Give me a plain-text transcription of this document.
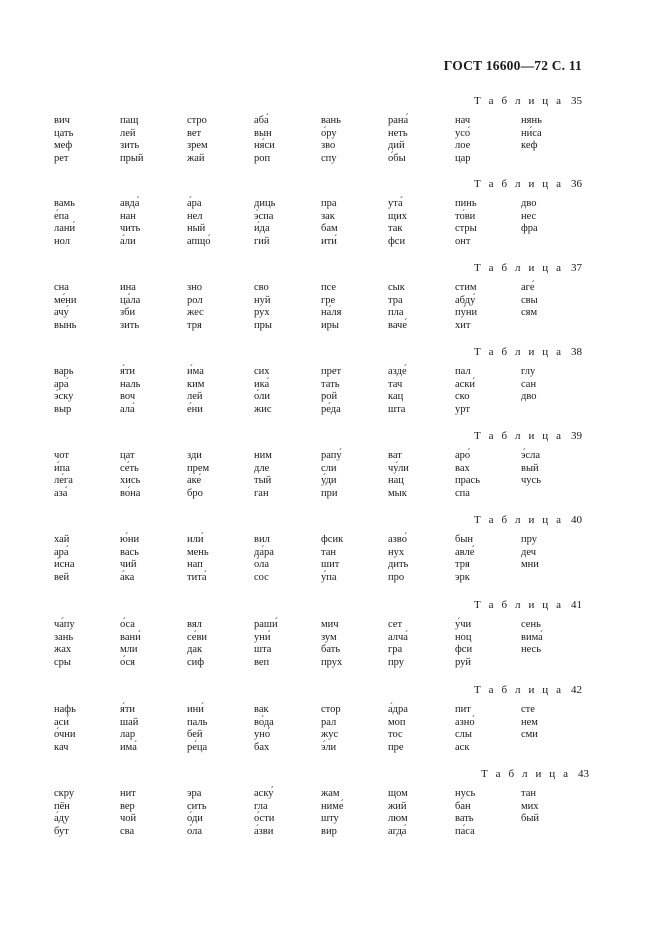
ГОСТ 16600—72 С. 11
Т а б л и ц а 35
вич
цать
меф
рет
пащ
лей
зить
прый
стро
вет
зрем
жай
аба́
вын
ня́си
роп
вань
о́ру
зво
спу
рана́
неть
дий
о́бы
нач
усо́
лое
цар
нянь
ни́са
кеф
Т а б л и ц а 36
вамь
е́па
лани́
нол
авда́
нан
чить
а́ли
а́ра
нел
ный
апщо́
диць
э́спа
и́да
гий
пра
зак
бам
ити́
ута́
щих
так
фси
пинь
то́ви
стры
онт
дво
нес
фра
Т а б л и ц а 37
сна
ме́ни
ачу́
вынь
ина
ца́ла
зби
зить
зно
рол
жес
тря
сво
нуй
рух
пры
псе
гре
на́ля
иры
сык
тра
пла
ваче́
стим
абду́
пу́ни
хит
аге́
свы
сям
Т а б л и ц а 38
варь
ара́
э́ску
выр
я́ти
наль
воч
ала́
и́ма
ким
лей
е́ни
сих
ика́
о́ли
жис
прет
тать
рой
ре́да
азде́
тач
кац
шта
пал
аски́
ско
урт
глу
сан
дво
Т а б л и ц а 39
чот
и́па
ле́га
аза́
цат
се́ть
хись
во́на
зди
прем
аке́
бро
ним
дле
тый
ган
рапу́
сли
у́ди
при
ват
чу́ли
нац
мык
аро́
вах
прась
спа
э́сла
вый
чусь
Т а б л и ц а 40
хай
ара́
и́сна
вей
ю́ни
вась
чий
а́ка
или́
мень
нап
тита́
вил
да́ра
о́ла
сос
фсик
тан
шит
у́па
азво́
нух
дить
про
бын
авле́
тря
эрк
пру
деч
мни
Т а б л и ц а 41
ча́пу
зань
жах
сры
о́са
вани́
мли
о́ся
вял
се́ви
дак
сиф
раши́
уни́
шта
веп
мич
зум
бать
прух
сет
алча́
гра
пру
у́чи
ноц
фси
руй
сень
вима́
несь
Т а б л и ц а 42
нафь
аси́
о́чни
кач
я́ти
шай
лар
има́
ини́
паль
бей
ре́ца
вак
во́да
уно́
бах
стор
рал
жус
э́ли
а́дра
моп
тос
пре
пит
азно́
слы
аск
сте
нем
сми
Т а б л и ц а 43
скру
пён
а́ду
бут
нит
вер
чой
сва
эра
сить
о́ди
о́ла
аску́
гла
о́сти
а́зви
жам
ниме́
шту
вир
щом
жий
люм
агда́
нусь
бан
вать
па́са
тан
мих
бый
